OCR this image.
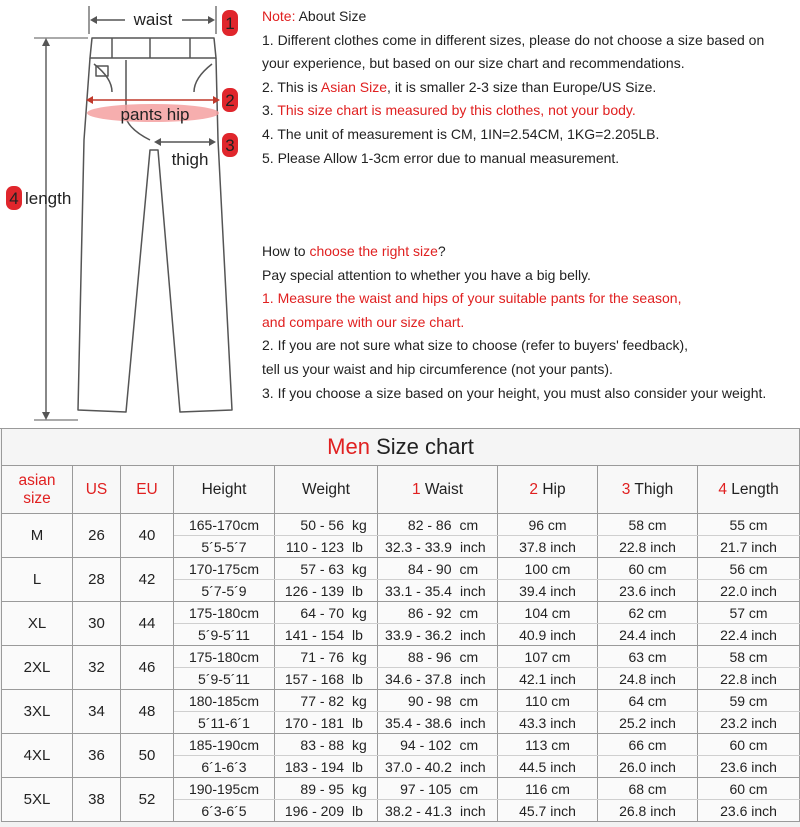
1
2
3
4
waist
pants hip
thigh
length
Note: About Size
1. Different clothes come in different sizes, please do not choose a size based on
your experience, but based on our size chart and recommendations.
2. This is Asian Size, it is smaller 2-3 size than Europe/US Size.
3. This size chart is measured by this clothes, not your body.
4. The unit of measurement is CM, 1IN=2.54CM, 1KG=2.205LB.
5. Please Allow 1-3cm error due to manual measurement.
How to choose the right size?
Pay special attention to whether you have a big belly.
1. Measure the waist and hips of your suitable pants for the season,
and compare with our size chart.
2. If you are not sure what size to choose (refer to buyers' feedback),
tell us your waist and hip circumference (not your pants).
3. If you choose a size based on your height, you must also consider your weight.
Men Size chart								
asian
size	US	EU	Height	Weight	1 Waist	2 Hip	3 Thigh	4 Length
M	26	40	165-170cm	50 - 56 kg	82 - 86 cm	96 cm	58 cm	55 cm
			5´5-5´7	110 - 123 lb	32.3 - 33.9 inch	37.8 inch	22.8 inch	21.7 inch
L	28	42	170-175cm	57 - 63 kg	84 - 90 cm	100 cm	60 cm	56 cm
			5´7-5´9	126 - 139 lb	33.1 - 35.4 inch	39.4 inch	23.6 inch	22.0 inch
XL	30	44	175-180cm	64 - 70 kg	86 - 92 cm	104 cm	62 cm	57 cm
			5´9-5´11	141 - 154 lb	33.9 - 36.2 inch	40.9 inch	24.4 inch	22.4 inch
2XL	32	46	175-180cm	71 - 76 kg	88 - 96 cm	107 cm	63 cm	58 cm
			5´9-5´11	157 - 168 lb	34.6 - 37.8 inch	42.1 inch	24.8 inch	22.8 inch
3XL	34	48	180-185cm	77 - 82 kg	90 - 98 cm	110 cm	64 cm	59 cm
			5´11-6´1	170 - 181 lb	35.4 - 38.6 inch	43.3 inch	25.2 inch	23.2 inch
4XL	36	50	185-190cm	83 - 88 kg	94 - 102 cm	113 cm	66 cm	60 cm
			6´1-6´3	183 - 194 lb	37.0 - 40.2 inch	44.5 inch	26.0 inch	23.6 inch
5XL	38	52	190-195cm	89 - 95 kg	97 - 105 cm	116 cm	68 cm	60 cm
			6´3-6´5	196 - 209 lb	38.2 - 41.3 inch	45.7 inch	26.8 inch	23.6 inch
